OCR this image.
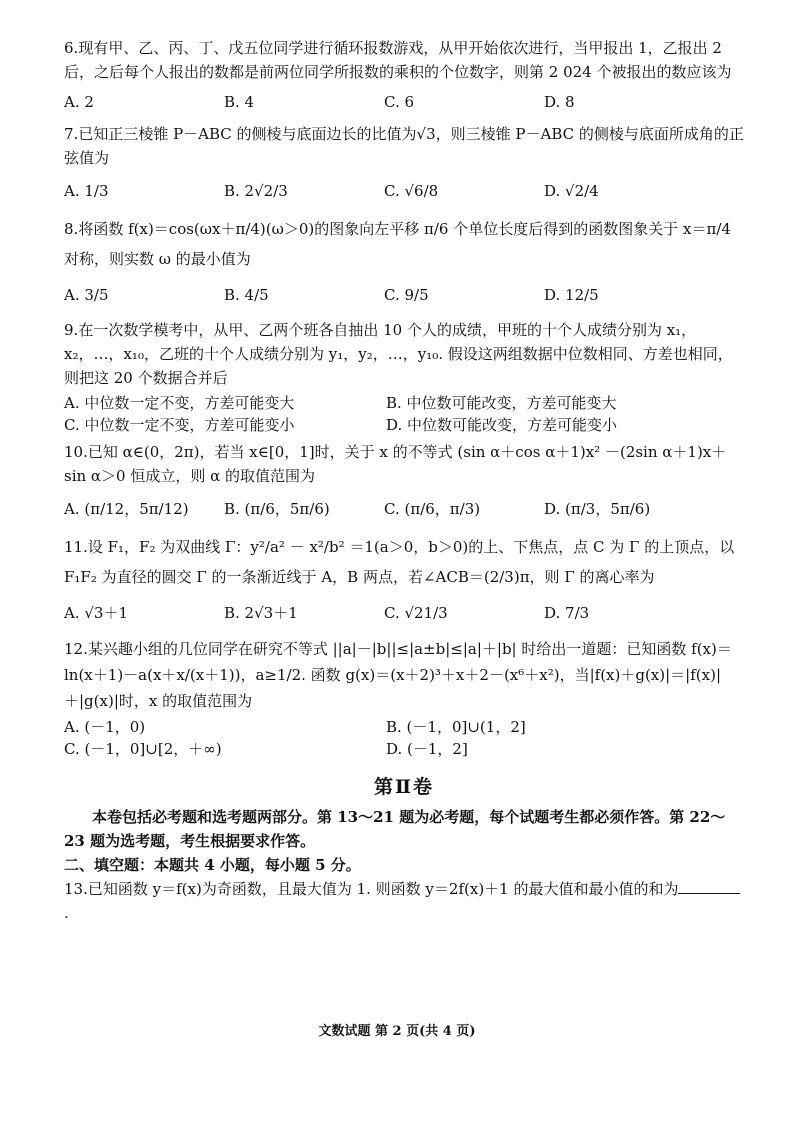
6.现有甲、乙、丙、丁、戊五位同学进行循环报数游戏，从甲开始依次进行，当甲报出 1，乙报出 2 后，之后每个人报出的数都是前两位同学所报数的乘积的个位数字，则第 2 024 个被报出的数应该为

A. 2	B. 4	C. 6	D. 8

7.已知正三棱锥 P－ABC 的侧棱与底面边长的比值为√3，则三棱锥 P－ABC 的侧棱与底面所成角的正弦值为

A. 1/3	B. 2√2/3	C. √6/8	D. √2/4

8.将函数 f(x)＝cos(ωx＋π/4)(ω＞0)的图象向左平移 π/6 个单位长度后得到的函数图象关于 x＝π/4 对称，则实数 ω 的最小值为

A. 3/5	B. 4/5	C. 9/5	D. 12/5

9.在一次数学模考中，从甲、乙两个班各自抽出 10 个人的成绩，甲班的十个人成绩分别为 x₁，x₂，…，x₁₀，乙班的十个人成绩分别为 y₁，y₂，…，y₁₀. 假设这两组数据中位数相同、方差也相同，则把这 20 个数据合并后

A. 中位数一定不变，方差可能变大	B. 中位数可能改变，方差可能变大
C. 中位数一定不变，方差可能变小	D. 中位数可能改变，方差可能变小

10.已知 α∈(0，2π)，若当 x∈[0，1]时，关于 x 的不等式 (sin α＋cos α＋1)x² －(2sin α＋1)x＋sin α＞0 恒成立，则 α 的取值范围为

A. (π/12，5π/12)	B. (π/6，5π/6)	C. (π/6，π/3)	D. (π/3，5π/6)

11.设 F₁，F₂ 为双曲线 Γ：y²/a² － x²/b² ＝1(a＞0，b＞0)的上、下焦点，点 C 为 Γ 的上顶点，以 F₁F₂ 为直径的圆交 Γ 的一条渐近线于 A，B 两点，若∠ACB＝(2/3)π，则 Γ 的离心率为

A. √3＋1	B. 2√3＋1	C. √21/3	D. 7/3

12.某兴趣小组的几位同学在研究不等式 ||a|－|b||≤|a±b|≤|a|＋|b| 时给出一道题：已知函数 f(x)＝ln(x＋1)－a(x＋x/(x＋1))，a≥1/2. 函数 g(x)＝(x＋2)³＋x＋2－(x⁶＋x²)，当|f(x)＋g(x)|＝|f(x)|＋|g(x)|时，x 的取值范围为

A. (－1，0)	B. (－1，0]∪(1，2]
C. (－1，0]∪[2，＋∞)	D. (－1，2]
第Ⅱ卷

本卷包括必考题和选考题两部分。第 13～21 题为必考题，每个试题考生都必须作答。第 22～23 题为选考题，考生根据要求作答。

二、填空题：本题共 4 小题，每小题 5 分。

13.已知函数 y＝f(x)为奇函数，且最大值为 1. 则函数 y＝2f(x)＋1 的最大值和最小值的和为.

文数试题 第 2 页(共 4 页)
